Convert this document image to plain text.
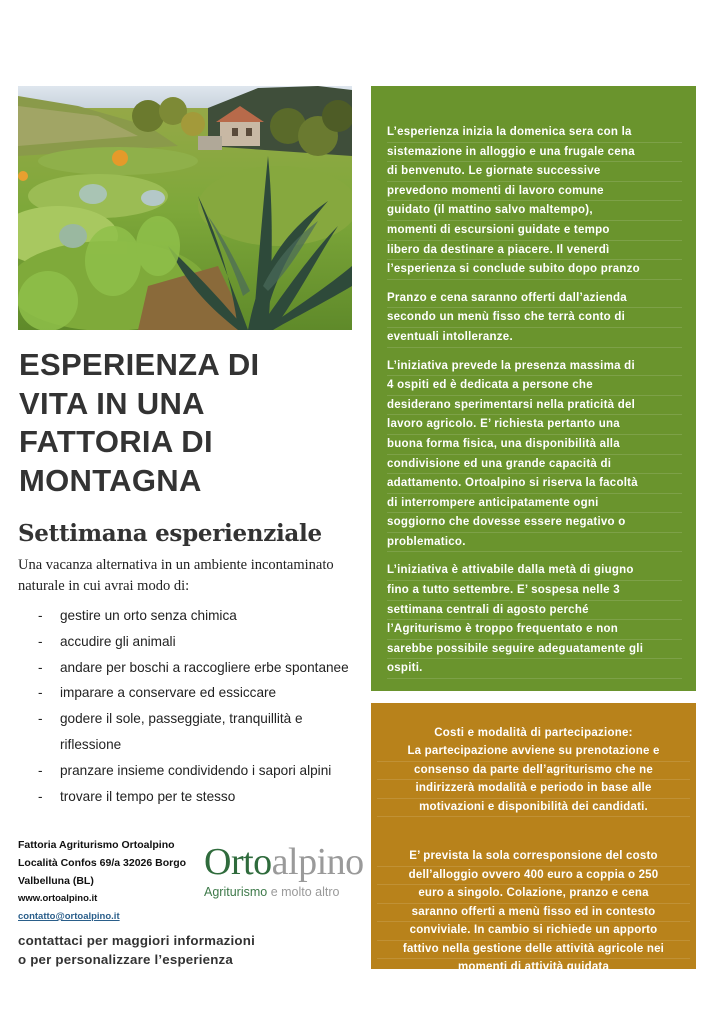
ESPERIENZA DI
VITA IN UNA
FATTORIA DI
MONTAGNA
Settimana esperienziale

Una vacanza alternativa in un ambiente incontaminato
naturale in cui avrai modo di:

- gestire un orto senza chimica
- accudire gli animali
- andare per boschi a raccogliere erbe spontanee
- imparare a conservare ed essiccare
- godere il sole, passeggiate, tranquillità e
riflessione
- pranzare insieme condividendo i sapori alpini
- trovare il tempo per te stesso
Fattoria Agriturismo Ortoalpino
Località Confos 69/a 32026 Borgo
Valbelluna (BL)
www.ortoalpino.it
contatto@ortoalpino.it
Ortoalpino
Agriturismo e molto altro
contattaci per maggiori informazioni
o per personalizzare l’esperienza

L’esperienza inizia la domenica sera con la
sistemazione in alloggio e una frugale cena
di benvenuto. Le giornate successive
prevedono momenti di lavoro comune
guidato (il mattino salvo maltempo),
momenti di escursioni guidate e tempo
libero da destinare a piacere. Il venerdì
l’esperienza si conclude subito dopo pranzo

Pranzo e cena saranno offerti dall’azienda
secondo un menù fisso che terrà conto di
eventuali intolleranze.

L’iniziativa prevede la presenza massima di
4 ospiti ed è dedicata a persone che
desiderano sperimentarsi nella praticità del
lavoro agricolo. E’ richiesta pertanto una
buona forma fisica, una disponibilità alla
condivisione ed una grande capacità di
adattamento. Ortoalpino si riserva la facoltà
di interrompere anticipatamente ogni
soggiorno che dovesse essere negativo o
problematico.

L’iniziativa è attivabile dalla metà di giugno
fino a tutto settembre. E’ sospesa nelle 3
settimana centrali di agosto perché
l’Agriturismo è troppo frequentato e non
sarebbe possibile seguire adeguatamente gli
ospiti.

Costi e modalità di partecipazione:

La partecipazione avviene su prenotazione e
consenso da parte dell’agriturismo che ne
indirizzerà modalità e periodo in base alle
motivazioni e disponibilità dei candidati.

E’ prevista la sola corresponsione del costo
dell’alloggio ovvero 400 euro a coppia o 250
euro a singolo. Colazione, pranzo e cena
saranno offerti a menù fisso ed in contesto
conviviale. In cambio si richiede un apporto
fattivo nella gestione delle attività agricole nei
momenti di attività guidata
